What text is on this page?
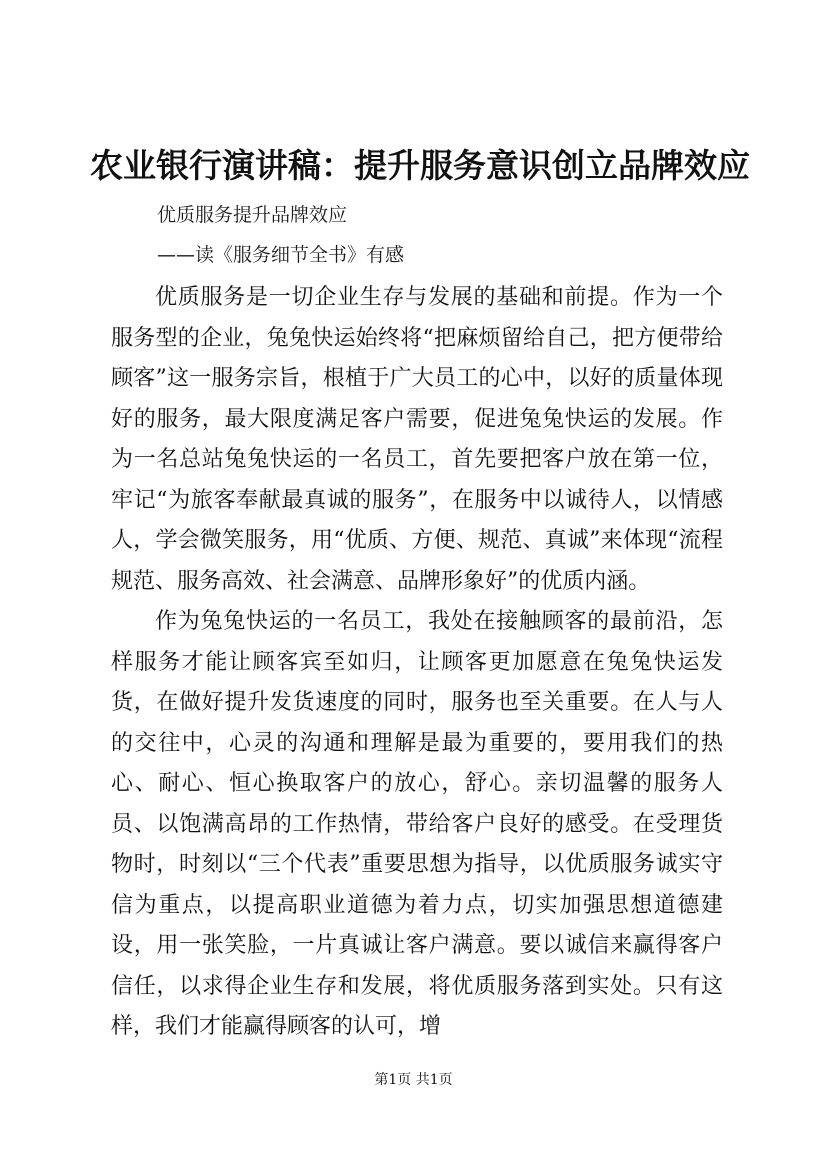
农业银行演讲稿：提升服务意识创立品牌效应

优质服务提升品牌效应

——读《服务细节全书》有感

优质服务是一切企业生存与发展的基础和前提。作为一个服务型的企业，兔兔快运始终将“把麻烦留给自己，把方便带给顾客”这一服务宗旨，根植于广大员工的心中，以好的质量体现好的服务，最大限度满足客户需要，促进兔兔快运的发展。作为一名总站兔兔快运的一名员工，首先要把客户放在第一位，牢记“为旅客奉献最真诚的服务”，在服务中以诚待人，以情感人，学会微笑服务，用“优质、方便、规范、真诚”来体现“流程规范、服务高效、社会满意、品牌形象好”的优质内涵。

作为兔兔快运的一名员工，我处在接触顾客的最前沿，怎样服务才能让顾客宾至如归，让顾客更加愿意在兔兔快运发货，在做好提升发货速度的同时，服务也至关重要。在人与人的交往中，心灵的沟通和理解是最为重要的，要用我们的热心、耐心、恒心换取客户的放心，舒心。亲切温馨的服务人员、以饱满高昂的工作热情，带给客户良好的感受。在受理货物时，时刻以“三个代表”重要思想为指导，以优质服务诚实守信为重点，以提高职业道德为着力点，切实加强思想道德建设，用一张笑脸，一片真诚让客户满意。要以诚信来赢得客户信任，以求得企业生存和发展，将优质服务落到实处。只有这样，我们才能赢得顾客的认可，增

第1页 共1页
